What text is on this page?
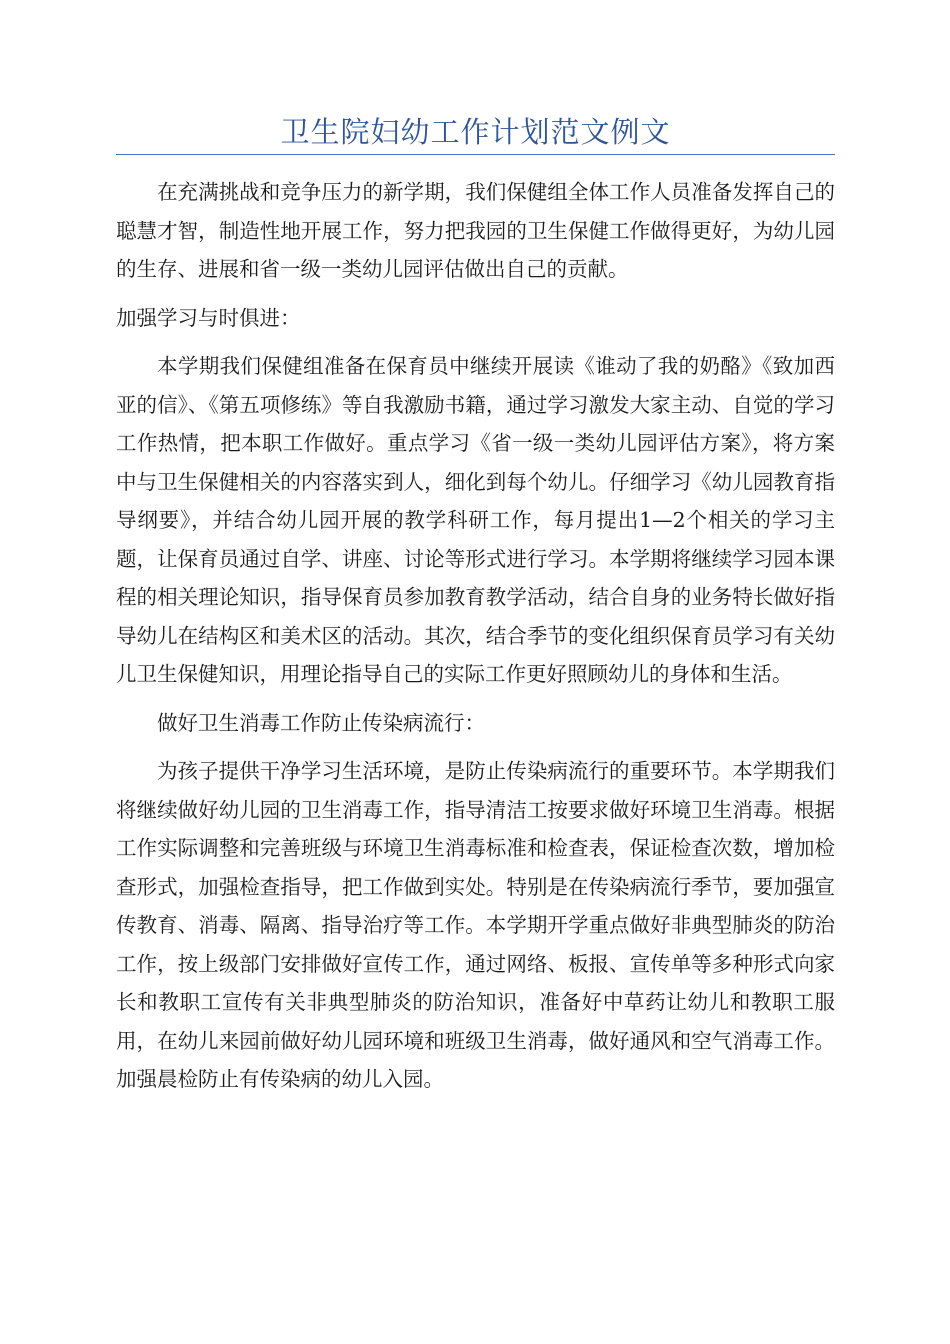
卫生院妇幼工作计划范文例文

在充满挑战和竞争压力的新学期，我们保健组全体工作人员准备发挥自己的聪慧才智，制造性地开展工作，努力把我园的卫生保健工作做得更好，为幼儿园的生存、进展和省一级一类幼儿园评估做出自己的贡献。

加强学习与时俱进：

本学期我们保健组准备在保育员中继续开展读《谁动了我的奶酪》《致加西亚的信》、《第五项修练》等自我激励书籍，通过学习激发大家主动、自觉的学习工作热情，把本职工作做好。重点学习《省一级一类幼儿园评估方案》，将方案中与卫生保健相关的内容落实到人，细化到每个幼儿。仔细学习《幼儿园教育指导纲要》，并结合幼儿园开展的教学科研工作，每月提出1—2个相关的学习主题，让保育员通过自学、讲座、讨论等形式进行学习。本学期将继续学习园本课程的相关理论知识，指导保育员参加教育教学活动，结合自身的业务特长做好指导幼儿在结构区和美术区的活动。其次，结合季节的变化组织保育员学习有关幼儿卫生保健知识，用理论指导自己的实际工作更好照顾幼儿的身体和生活。

做好卫生消毒工作防止传染病流行：

为孩子提供干净学习生活环境，是防止传染病流行的重要环节。本学期我们将继续做好幼儿园的卫生消毒工作，指导清洁工按要求做好环境卫生消毒。根据工作实际调整和完善班级与环境卫生消毒标准和检查表，保证检查次数，增加检查形式，加强检查指导，把工作做到实处。特别是在传染病流行季节，要加强宣传教育、消毒、隔离、指导治疗等工作。本学期开学重点做好非典型肺炎的防治工作，按上级部门安排做好宣传工作，通过网络、板报、宣传单等多种形式向家长和教职工宣传有关非典型肺炎的防治知识，准备好中草药让幼儿和教职工服用，在幼儿来园前做好幼儿园环境和班级卫生消毒，做好通风和空气消毒工作。加强晨检防止有传染病的幼儿入园。
